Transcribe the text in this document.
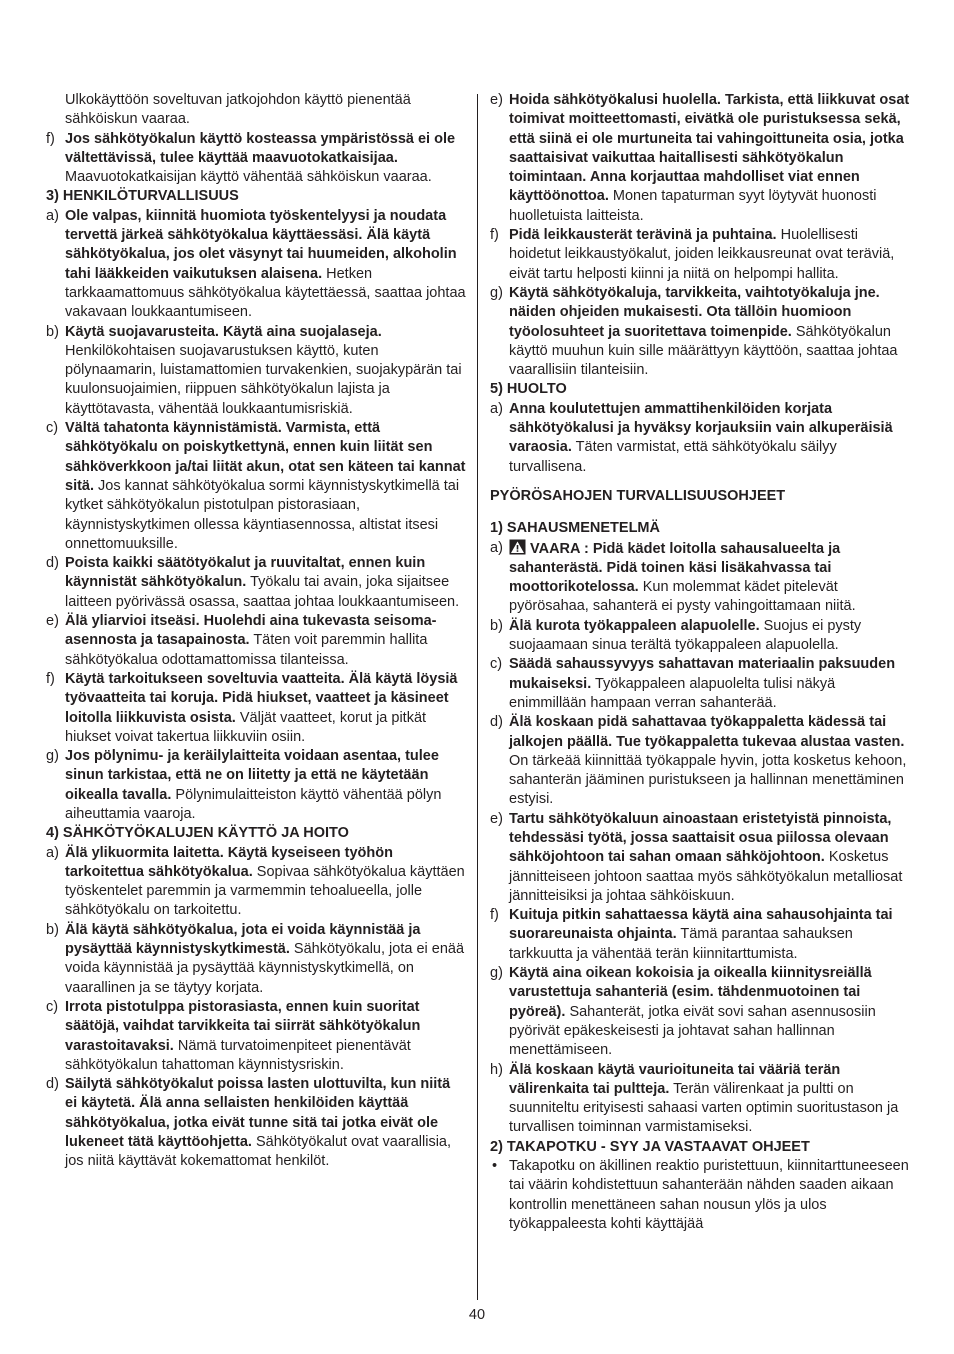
Ulkokäyttöön soveltuvan jatkojohdon käyttö pienentää sähköiskun vaaraa.
f) Jos sähkötyökalun käyttö kosteassa ympäristössä ei ole vältettävissä, tulee käyttää maavuotokatkaisijaa. Maavuotokatkaisijan käyttö vähentää sähköiskun vaaraa.
3) HENKILÖTURVALLISUUS
a) Ole valpas, kiinnitä huomiota työskentelyysi ja noudata tervettä järkeä sähkötyökalua käyttäessäsi. Älä käytä sähkötyökalua, jos olet väsynyt tai huumeiden, alkoholin tahi lääkkeiden vaikutuksen alaisena. Hetken tarkkaamattomuus sähkötyökalua käytettäessä, saattaa johtaa vakavaan loukkaantumiseen.
b) Käytä suojavarusteita. Käytä aina suojalaseja. Henkilökohtaisen suojavarustuksen käyttö, kuten pölynaamarin, luistamattomien turvakenkien, suojakypärän tai kuulonsuojaimien, riippuen sähkötyökalun lajista ja käyttötavasta, vähentää loukkaantumisriskiä.
c) Vältä tahatonta käynnistämistä. Varmista, että sähkötyökalu on poiskytkettynä, ennen kuin liität sen sähköverkkoon ja/tai liität akun, otat sen käteen tai kannat sitä. Jos kannat sähkötyökalua sormi käynnistyskytkimellä tai kytket sähkötyökalun pistotulpan pistorasiaan, käynnistyskytkimen ollessa käyntiasennossa, altistat itsesi onnettomuuksille.
d) Poista kaikki säätötyökalut ja ruuvitaltat, ennen kuin käynnistät sähkötyökalun. Työkalu tai avain, joka sijaitsee laitteen pyörivässä osassa, saattaa johtaa loukkaantumiseen.
e) Älä yliarvioi itseäsi. Huolehdi aina tukevasta seisoma-asennosta ja tasapainosta. Täten voit paremmin hallita sähkötyökalua odottamattomissa tilanteissa.
f) Käytä tarkoitukseen soveltuvia vaatteita. Älä käytä löysiä työvaatteita tai koruja. Pidä hiukset, vaatteet ja käsineet loitolla liikkuvista osista. Väljät vaatteet, korut ja pitkät hiukset voivat takertua liikkuviin osiin.
g) Jos pölynimu- ja keräilylaitteita voidaan asentaa, tulee sinun tarkistaa, että ne on liitetty ja että ne käytetään oikealla tavalla. Pölynimulaitteiston käyttö vähentää pölyn aiheuttamia vaaroja.
4) SÄHKÖTYÖKALUJEN KÄYTTÖ JA HOITO
a) Älä ylikuormita laitetta. Käytä kyseiseen työhön tarkoitettua sähkötyökalua. Sopivaa sähkötyökalua käyttäen työskentelet paremmin ja varmemmin tehoalueella, jolle sähkötyökalu on tarkoitettu.
b) Älä käytä sähkötyökalua, jota ei voida käynnistää ja pysäyttää käynnistyskytkimestä. Sähkötyökalu, jota ei enää voida käynnistää ja pysäyttää käynnistyskytkimellä, on vaarallinen ja se täytyy korjata.
c) Irrota pistotulppa pistorasiasta, ennen kuin suoritat säätöjä, vaihdat tarvikkeita tai siirrät sähkötyökalun varastoitavaksi. Nämä turvatoimenpiteet pienentävät sähkötyökalun tahattoman käynnistysriskin.
d) Säilytä sähkötyökalut poissa lasten ulottuvilta, kun niitä ei käytetä. Älä anna sellaisten henkilöiden käyttää sähkötyökalua, jotka eivät tunne sitä tai jotka eivät ole lukeneet tätä käyttöohjetta. Sähkötyökalut ovat vaarallisia, jos niitä käyttävät kokemattomat henkilöt.
e) Hoida sähkötyökalusi huolella. Tarkista, että liikkuvat osat toimivat moitteettomasti, eivätkä ole puristuksessa sekä, että siinä ei ole murtuneita tai vahingoittuneita osia, jotka saattaisivat vaikuttaa haitallisesti sähkötyökalun toimintaan. Anna korjauttaa mahdolliset viat ennen käyttöönottoa. Monen tapaturman syyt löytyvät huonosti huolletuista laitteista.
f) Pidä leikkausterät terävinä ja puhtaina. Huolellisesti hoidetut leikkaustyökalut, joiden leikkausreunat ovat teräviä, eivät tartu helposti kiinni ja niitä on helpompi hallita.
g) Käytä sähkötyökaluja, tarvikkeita, vaihtotyökaluja jne. näiden ohjeiden mukaisesti. Ota tällöin huomioon työolosuhteet ja suoritettava toimenpide. Sähkötyökalun käyttö muuhun kuin sille määrättyyn käyttöön, saattaa johtaa vaarallisiin tilanteisiin.
5) HUOLTO
a) Anna koulutettujen ammattihenkilöiden korjata sähkötyökalusi ja hyväksy korjauksiin vain alkuperäisiä varaosia. Täten varmistat, että sähkötyökalu säilyy turvallisena.
PYÖRÖSAHOJEN TURVALLISUUSOHJEET
1) SAHAUSMENETELMÄ
a) VAARA : Pidä kädet loitolla sahausalueelta ja sahanterästä. Pidä toinen käsi lisäkahvassa tai moottorikotelossa. Kun molemmat kädet pitelevät pyörösahaa, sahanterä ei pysty vahingoittamaan niitä.
b) Älä kurota työkappaleen alapuolelle. Suojus ei pysty suojaamaan sinua terältä työkappaleen alapuolella.
c) Säädä sahaussyvyys sahattavan materiaalin paksuuden mukaiseksi. Työkappaleen alapuolelta tulisi näkyä enimmillään hampaan verran sahanterää.
d) Älä koskaan pidä sahattavaa työkappaletta kädessä tai jalkojen päällä. Tue työkappaletta tukevaa alustaa vasten. On tärkeää kiinnittää työkappale hyvin, jotta kosketus kehoon, sahanterän jääminen puristukseen ja hallinnan menettäminen estyisi.
e) Tartu sähkötyökaluun ainoastaan eristetyistä pinnoista, tehdessäsi työtä, jossa saattaisit osua piilossa olevaan sähköjohtoon tai sahan omaan sähköjohtoon. Kosketus jännitteiseen johtoon saattaa myös sähkötyökalun metalliosat jännitteisiksi ja johtaa sähköiskuun.
f) Kuituja pitkin sahattaessa käytä aina sahausohjainta tai suorareunaista ohjainta. Tämä parantaa sahauksen tarkkuutta ja vähentää terän kiinnitarttumista.
g) Käytä aina oikean kokoisia ja oikealla kiinnitysreiällä varustettuja sahanteriä (esim. tähdenmuotoinen tai pyöreä). Sahanterät, jotka eivät sovi sahan asennusosiin pyörivät epäkeskeisesti ja johtavat sahan hallinnan menettämiseen.
h) Älä koskaan käytä vaurioituneita tai vääriä terän välirenkaita tai pultteja. Terän välirenkaat ja pultti on suunniteltu erityisesti sahaasi varten optimin suoritustason ja turvallisen toiminnan varmistamiseksi.
2) TAKAPOTKU - SYY JA VASTAAVAT OHJEET
• Takapotku on äkillinen reaktio puristettuun, kiinnitarttuneeseen tai väärin kohdistettuun sahanterään nähden saaden aikaan kontrollin menettäneen sahan nousun ylös ja ulos työkappaleesta kohti käyttäjää
40
